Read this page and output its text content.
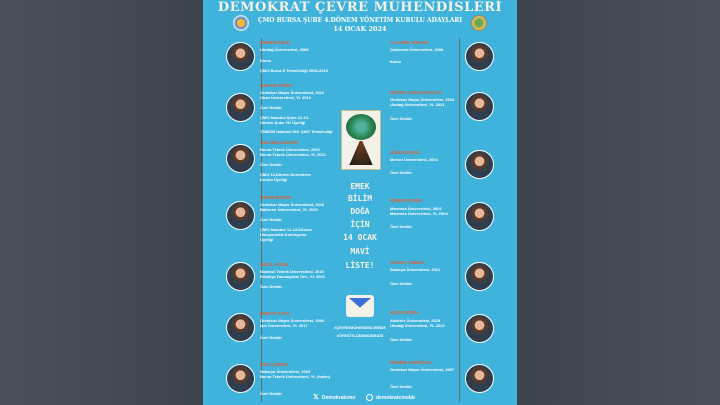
DEMOKRAT ÇEVRE MÜHENDİSLERİ
ÇMO BURSA ŞUBE 4.DÖNEM YÖNETİM KURULU ADAYLARI
14 OCAK 2024
ZERRİN KILIÇ
Uludağ Üniversitesi, 2008
Kamu
ÇMO Bursa İl Temsilciliği 2008-2010
HAKAN TEKİN
Ondokuz Mayıs Üniversitesi, 2012
Okan Üniversitesi, YL 2016
Özel Sektör
ÇMO İstanbul Şube 12-13. Dönem Şube YK Üyeliği
TMMOB İstanbul İKK ÇMO Temsilciliği
SELTEN GÜLTEN
Bursa Teknik Üniversitesi, 2020
Bursa Teknik Üniversitesi, YL 2021
Özel Sektör
ÇMO 14.Dönem Denetleme Kurulu Üyeliği
UĞUR BÜTÜN
Ondokuz Mayıs Üniversitesi, 2016
Balıkesir Üniversitesi, YL 2020
Özel Sektör
ÇMO İstanbul 12-13.Dönem Danışmanlık Komisyonu Üyeliği
SEÇİL AYDIN
İstanbul Teknik Üniversitesi, 2018
Kütahya Dumlupınar Üni., YL 2021
Özel Sektör
MURAT KAYA
Ondokuz Mayıs Üniversitesi, 2004
Işık Üniversitesi, YL 2017
Özel Sektör
EDA ÇOBAN
Sakarya Üniversitesi, 2019
Bursa Teknik Üniversitesi, YL (halen)
Özel Sektör
EMEK
BİLİM
DOĞA
İÇİN
14 OCAK
MAVİ
LİSTE!
#ÇEVREMÜHENDİSLERİDE
#ÖRGÜTLÜDEMOKRASİ
A.ALPER MAKAR
Çukurova Üniversitesi, 2006
Kamu
ŞEYMA CAN KAYACAN
Ondokuz Mayıs Üniversitesi, 2018
Uludağ Üniversitesi, YL 2021
Özel Sektör
OĞUZ BAŞOL
Mersin Üniversitesi, 2004
Özel Sektör
ZİNEM PODGE
Marmara Üniversitesi, 2002
Marmara Üniversitesi, YL 2004
Özel Sektör
YUSUF ÇOBAN
Sakarya Üniversitesi, 2011
Özel Sektör
EZGİ KESEN
Akdeniz Üniversitesi, 2019
Uludağ Üniversitesi, YL 2023
Özel Sektör
ERDEM AYDOĞAN
Ondokuz Mayıs Üniversitesi, 2007
Özel Sektör
𝕏 Demokratcmo	demokratcmobb
